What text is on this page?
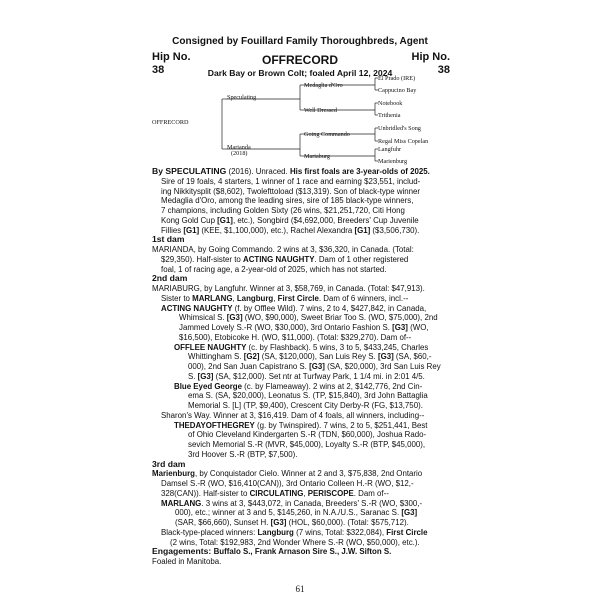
Consigned by Fouillard Family Thoroughbreds, Agent
Hip No.
38
Hip No.
38
OFFRECORD
Dark Bay or Brown Colt; foaled April 12, 2024
OFFRECORD
Speculating
Marianda
(2018)
Medaglia d'Oro
Well Dressed
Going Commando
Mariaburg
El Prado (IRE)
Cappucino Bay
Notebook
Trithenia
Unbridled's Song
Regal Miss Copelan
Langfuhr
Marienburg

By SPECULATING (2016). Unraced. His first foals are 3-year-olds of 2025.

Sire of 19 foals, 4 starters, 1 winner of 1 race and earning $23,551, includ-

ing Nikkitysplit ($8,602), Twolefttoload ($13,319). Son of black-type winner

Medaglia d'Oro, among the leading sires, sire of 185 black-type winners,

7 champions, including Golden Sixty (26 wins, $21,251,720, Citi Hong

Kong Gold Cup [G1], etc.), Songbird ($4,692,000, Breeders' Cup Juvenile

Fillies [G1] (KEE, $1,100,000), etc.), Rachel Alexandra [G1] ($3,506,730).

1st dam

MARIANDA, by Going Commando. 2 wins at 3, $36,320, in Canada. (Total:

$29,350). Half-sister to ACTING NAUGHTY. Dam of 1 other registered

foal, 1 of racing age, a 2-year-old of 2025, which has not started.

2nd dam

MARIABURG, by Langfuhr. Winner at 3, $58,769, in Canada. (Total: $47,913).

Sister to MARLANG, Langburg, First Circle. Dam of 6 winners, incl.--

ACTING NAUGHTY (f. by Offlee Wild). 7 wins, 2 to 4, $427,842, in Canada,

Whimsical S. [G3] (WO, $90,000), Sweet Briar Too S. (WO, $75,000), 2nd

Jammed Lovely S.-R (WO, $30,000), 3rd Ontario Fashion S. [G3] (WO,

$16,500), Etobicoke H. (WO, $11,000). (Total: $329,270). Dam of--

OFFLEE NAUGHTY (c. by Flashback). 5 wins, 3 to 5, $433,245, Charles

Whittingham S. [G2] (SA, $120,000), San Luis Rey S. [G3] (SA, $60,-

000), 2nd San Juan Capistrano S. [G3] (SA, $20,000), 3rd San Luis Rey

S. [G3] (SA, $12,000). Set ntr at Turfway Park, 1 1/4 mi. in 2:01 4/5.

Blue Eyed George (c. by Flameaway). 2 wins at 2, $142,776, 2nd Cin-

ema S. (SA, $20,000), Leonatus S. (TP, $15,840), 3rd John Battaglia

Memorial S. [L] (TP, $9,400), Crescent City Derby-R (FG, $13,750).

Sharon's Way. Winner at 3, $16,419. Dam of 4 foals, all winners, including--

THEDAYOFTHEGREY (g. by Twinspired). 7 wins, 2 to 5, $251,441, Best

of Ohio Cleveland Kindergarten S.-R (TDN, $60,000), Joshua Rado-

sevich Memorial S.-R (MVR, $45,000), Loyalty S.-R (BTP, $45,000),

3rd Hoover S.-R (BTP, $7,500).

3rd dam

Marienburg, by Conquistador Cielo. Winner at 2 and 3, $75,838, 2nd Ontario

Damsel S.-R (WO, $16,410(CAN)), 3rd Ontario Colleen H.-R (WO, $12,-

328(CAN)). Half-sister to CIRCULATING, PERISCOPE. Dam of--

MARLANG. 3 wins at 3, $443,072, in Canada, Breeders' S.-R (WO, $300,-

000), etc.; winner at 3 and 5, $145,260, in N.A./U.S., Saranac S. [G3]

(SAR, $66,660), Sunset H. [G3] (HOL, $60,000). (Total: $575,712).

Black-type-placed winners: Langburg (7 wins, Total: $322,084), First Circle

(2 wins, Total: $192,983, 2nd Wonder Where S.-R (WO, $50,000), etc.).

Engagements: Buffalo S., Frank Arnason Sire S., J.W. Sifton S.

Foaled in Manitoba.

61
